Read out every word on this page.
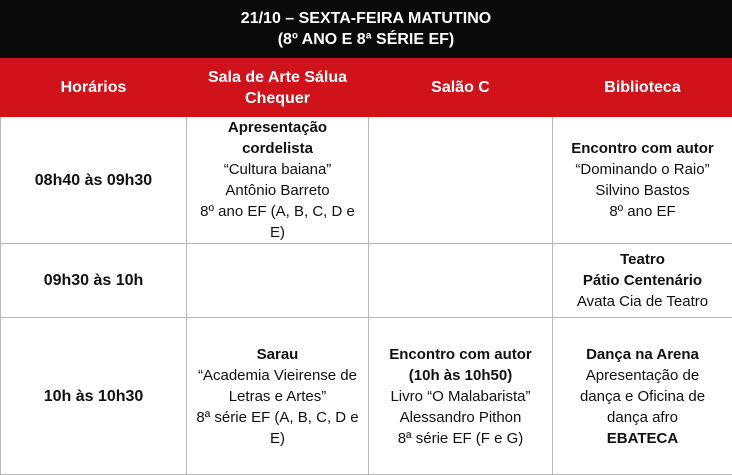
21/10 – SEXTA-FEIRA MATUTINO
(8º ANO E 8ª SÉRIE EF)
Horários	Sala de Arte Sálua Chequer	Salão C	Biblioteca
08h40 às 09h30	Apresentação cordelista
“Cultura baiana”
Antônio Barreto
8º ano EF (A, B, C, D e E)		Encontro com autor
“Dominando o Raio”
Silvino Bastos
8º ano EF

09h30 às 10h			Teatro
Pátio Centenário
Avata Cia de Teatro

10h às 10h30	Sarau
“Academia Vieirense de
Letras e Artes”
8ª série EF (A, B, C, D e E)	Encontro com autor
(10h às 10h50)
Livro “O Malabarista”
Alessandro Pithon
8ª série EF (F e G)	Dança na Arena
Apresentação de
dança e Oficina de
dança afro
EBATECA
